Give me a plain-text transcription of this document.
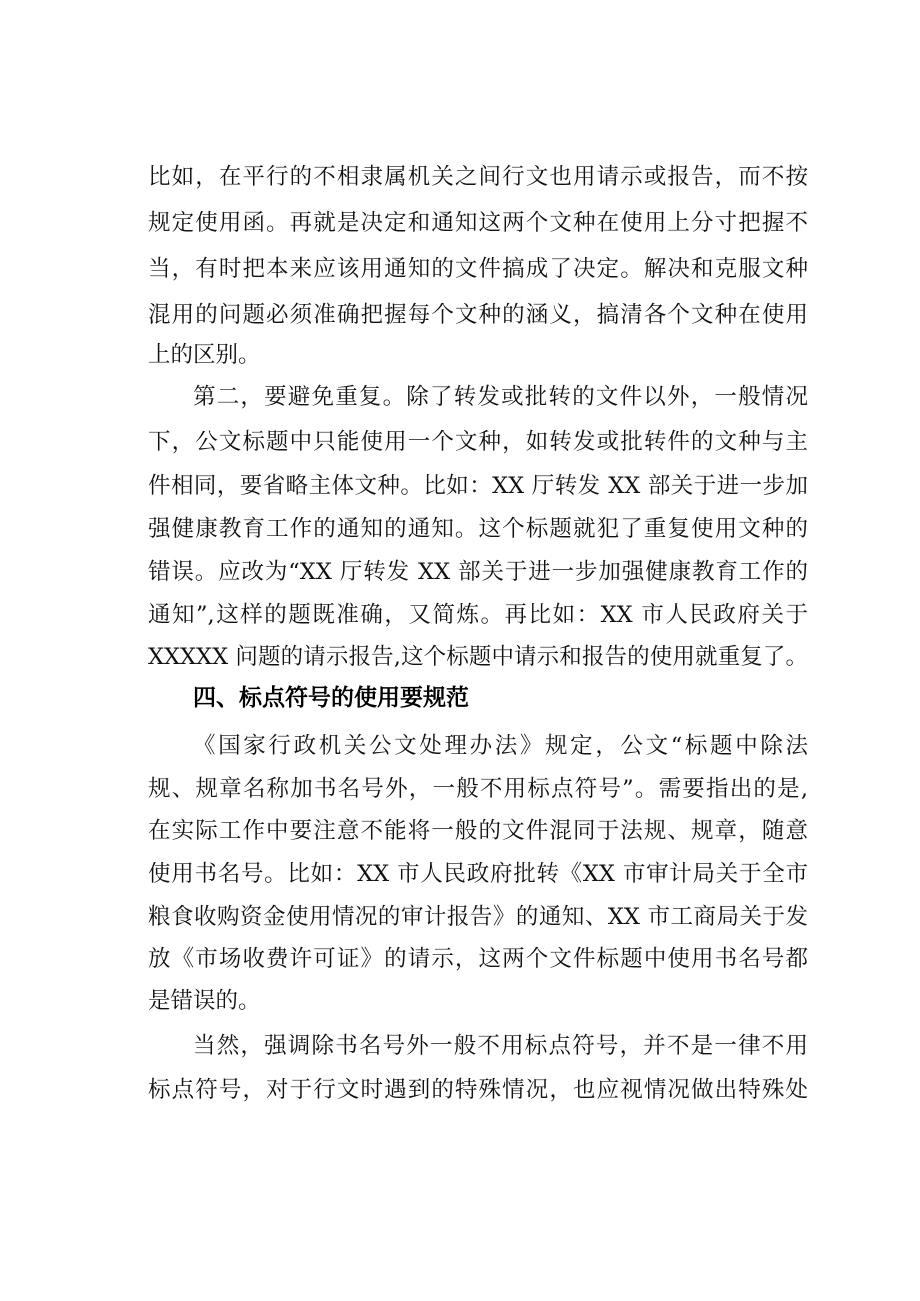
比如，在平行的不相隶属机关之间行文也用请示或报告，而不按
规定使用函。再就是决定和通知这两个文种在使用上分寸把握不
当，有时把本来应该用通知的文件搞成了决定。解决和克服文种
混用的问题必须准确把握每个文种的涵义，搞清各个文种在使用
上的区别。
第二，要避免重复。除了转发或批转的文件以外，一般情况
下，公文标题中只能使用一个文种，如转发或批转件的文种与主
件相同，要省略主体文种。比如：XX 厅转发 XX 部关于进一步加
强健康教育工作的通知的通知。这个标题就犯了重复使用文种的
错误。应改为“XX 厅转发 XX 部关于进一步加强健康教育工作的
通知”,这样的题既准确，又简炼。再比如：XX 市人民政府关于
XXXXX 问题的请示报告,这个标题中请示和报告的使用就重复了。
四、标点符号的使用要规范
《国家行政机关公文处理办法》规定，公文“标题中除法
规、规章名称加书名号外，一般不用标点符号”。需要指出的是,
在实际工作中要注意不能将一般的文件混同于法规、规章，随意
使用书名号。比如：XX 市人民政府批转《XX 市审计局关于全市
粮食收购资金使用情况的审计报告》的通知、XX 市工商局关于发
放《市场收费许可证》的请示，这两个文件标题中使用书名号都
是错误的。
当然，强调除书名号外一般不用标点符号，并不是一律不用
标点符号，对于行文时遇到的特殊情况，也应视情况做出特殊处
